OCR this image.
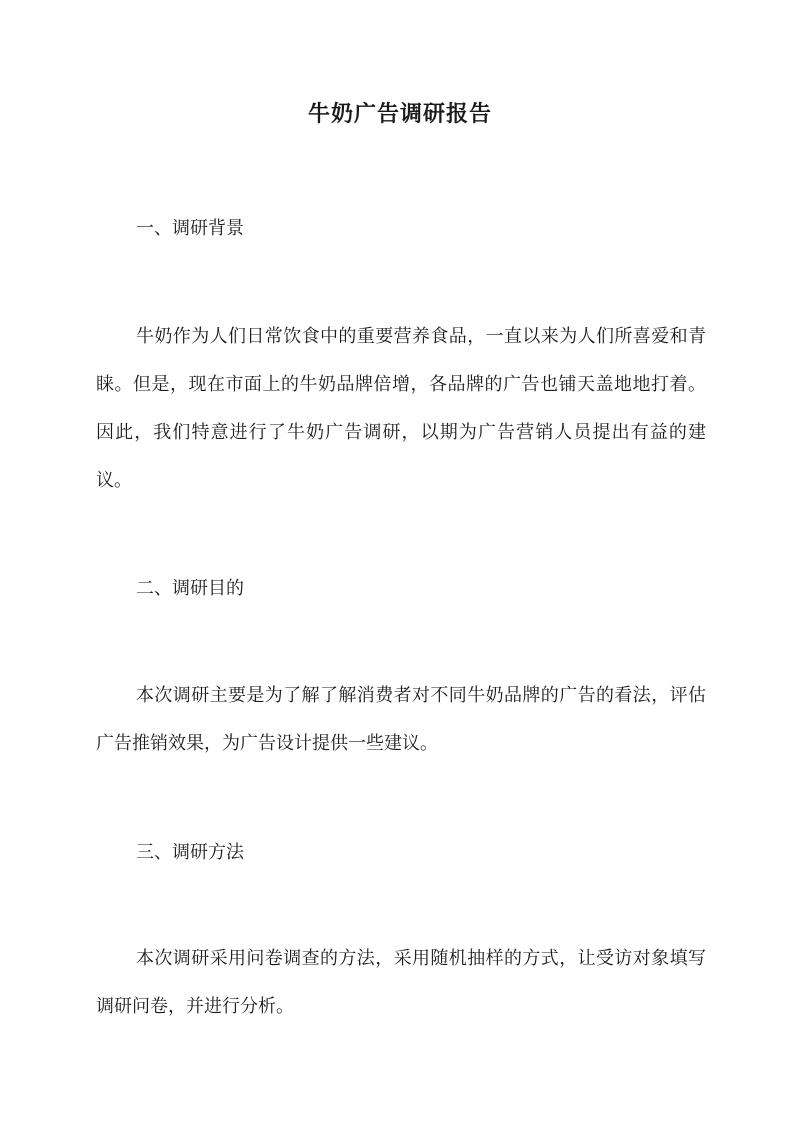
牛奶广告调研报告
一、调研背景

牛奶作为人们日常饮食中的重要营养食品，一直以来为人们所喜爱和青睐。但是，现在市面上的牛奶品牌倍增，各品牌的广告也铺天盖地地打着。因此，我们特意进行了牛奶广告调研，以期为广告营销人员提出有益的建议。

二、调研目的

本次调研主要是为了解了解消费者对不同牛奶品牌的广告的看法，评估广告推销效果，为广告设计提供一些建议。

三、调研方法

本次调研采用问卷调查的方法，采用随机抽样的方式，让受访对象填写调研问卷，并进行分析。
